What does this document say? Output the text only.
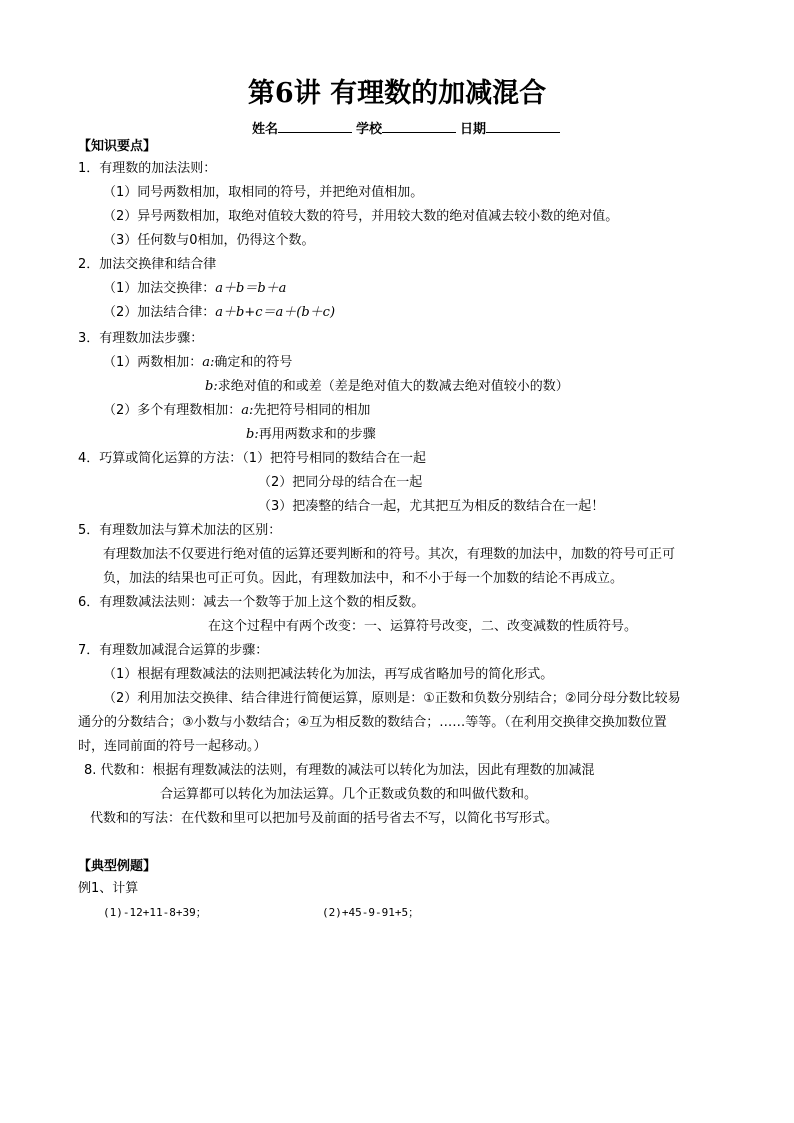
第6讲 有理数的加减混合
姓名	学校	日期
【知识要点】
1．有理数的加法法则：
（1）同号两数相加，取相同的符号，并把绝对值相加。
（2）异号两数相加，取绝对值较大数的符号，并用较大数的绝对值减去较小数的绝对值。
（3）任何数与0相加，仍得这个数。
2．加法交换律和结合律
（1）加法交换律：a＋b＝b＋a
（2）加法结合律：a＋b+c＝a＋(b＋c)
3．有理数加法步骤：
（1）两数相加：a:确定和的符号
b:求绝对值的和或差（差是绝对值大的数减去绝对值较小的数）
（2）多个有理数相加：a:先把符号相同的相加
b:再用两数求和的步骤
4．巧算或简化运算的方法：（1）把符号相同的数结合在一起
（2）把同分母的结合在一起
（3）把凑整的结合一起，尤其把互为相反的数结合在一起！
5．有理数加法与算术加法的区别：
有理数加法不仅要进行绝对值的运算还要判断和的符号。其次，有理数的加法中，加数的符号可正可
负，加法的结果也可正可负。因此，有理数加法中，和不小于每一个加数的结论不再成立。
6．有理数减法法则：减去一个数等于加上这个数的相反数。
在这个过程中有两个改变：一、运算符号改变，二、改变减数的性质符号。
7．有理数加减混合运算的步骤：
（1）根据有理数减法的法则把减法转化为加法，再写成省略加号的简化形式。
（2）利用加法交换律、结合律进行简便运算，原则是：①正数和负数分别结合；②同分母分数比较易
通分的分数结合；③小数与小数结合；④互为相反数的数结合；……等等。（在利用交换律交换加数位置
时，连同前面的符号一起移动。）
8. 代数和：根据有理数减法的法则，有理数的减法可以转化为加法，因此有理数的加减混
合运算都可以转化为加法运算。几个正数或负数的和叫做代数和。
代数和的写法：在代数和里可以把加号及前面的括号省去不写，以简化书写形式。
【典型例题】
例1、计算
(1)-12+11-8+39；	(2)+45-9-91+5；
